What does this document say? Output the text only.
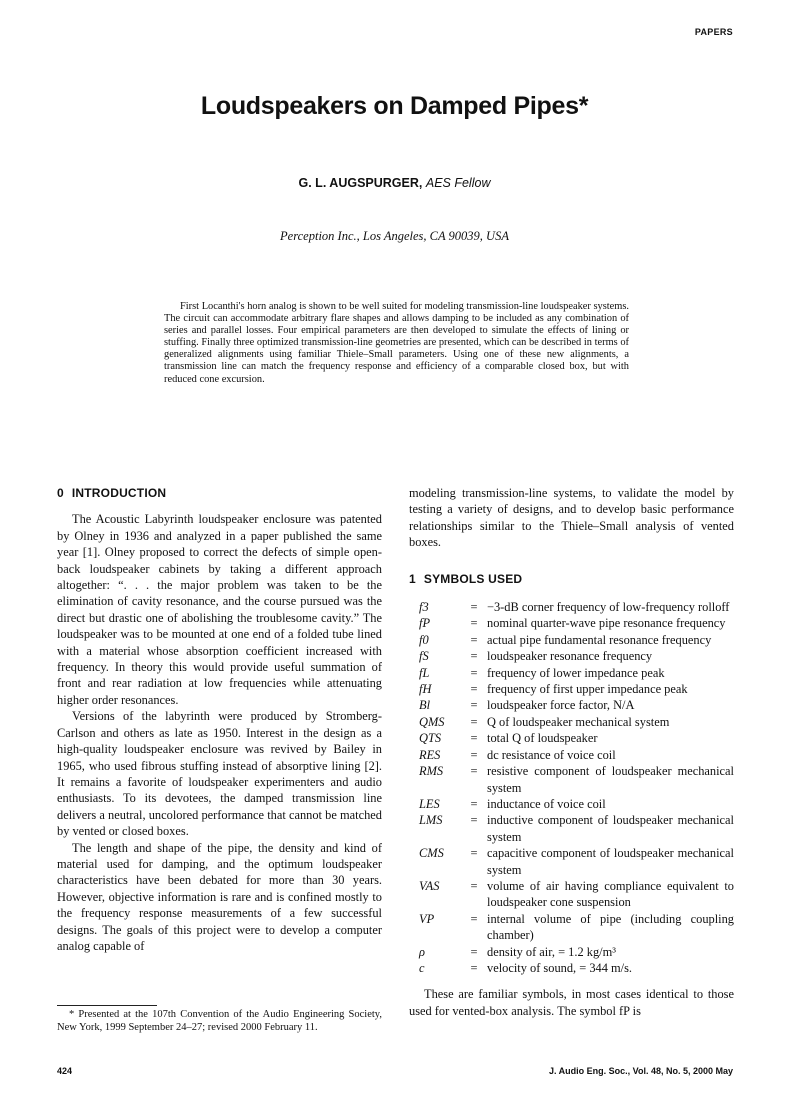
PAPERS
Loudspeakers on Damped Pipes*
G. L. AUGSPURGER, AES Fellow
Perception Inc., Los Angeles, CA 90039, USA

First Locanthi's horn analog is shown to be well suited for modeling transmission-line loudspeaker systems. The circuit can accommodate arbitrary flare shapes and allows damping to be included as any combination of series and parallel losses. Four empirical parameters are then developed to simulate the effects of lining or stuffing. Finally three optimized transmission-line geometries are presented, which can be described in terms of generalized alignments using familiar Thiele–Small parameters. Using one of these new alignments, a transmission line can match the frequency response and efficiency of a comparable closed box, but with reduced cone excursion.

0 INTRODUCTION

The Acoustic Labyrinth loudspeaker enclosure was patented by Olney in 1936 and analyzed in a paper published the same year [1]. Olney proposed to correct the defects of simple open-back loudspeaker cabinets by taking a different approach altogether: “. . . the major problem was taken to be the elimination of cavity resonance, and the course pursued was the direct but drastic one of abolishing the troublesome cavity.” The loudspeaker was to be mounted at one end of a folded tube lined with a material whose absorption coefficient increased with frequency. In theory this would provide useful summation of front and rear radiation at low frequencies while attenuating higher order resonances.

Versions of the labyrinth were produced by Stromberg-Carlson and others as late as 1950. Interest in the design as a high-quality loudspeaker enclosure was revived by Bailey in 1965, who used fibrous stuffing instead of absorptive lining [2]. It remains a favorite of loudspeaker experimenters and audio enthusiasts. To its devotees, the damped transmission line delivers a neutral, uncolored performance that cannot be matched by vented or closed boxes.

The length and shape of the pipe, the density and kind of material used for damping, and the optimum loudspeaker characteristics have been debated for more than 30 years. However, objective information is rare and is confined mostly to the frequency response measurements of a few successful designs. The goals of this project were to develop a computer analog capable of

modeling transmission-line systems, to validate the model by testing a variety of designs, and to develop basic performance relationships similar to the Thiele–Small analysis of vented boxes.

1 SYMBOLS USED
f3	=	−3-dB corner frequency of low-frequency rolloff
fP	=	nominal quarter-wave pipe resonance frequency
f0	=	actual pipe fundamental resonance frequency
fS	=	loudspeaker resonance frequency
fL	=	frequency of lower impedance peak
fH	=	frequency of first upper impedance peak
Bl	=	loudspeaker force factor, N/A
QMS	=	Q of loudspeaker mechanical system
QTS	=	total Q of loudspeaker
RES	=	dc resistance of voice coil
RMS	=	resistive component of loudspeaker mechanical system
LES	=	inductance of voice coil
LMS	=	inductive component of loudspeaker mechanical system
CMS	=	capacitive component of loudspeaker mechanical system
VAS	=	volume of air having compliance equivalent to loudspeaker cone suspension
VP	=	internal volume of pipe (including coupling chamber)
ρ	=	density of air, = 1.2 kg/m³
c	=	velocity of sound, = 344 m/s.

These are familiar symbols, in most cases identical to those used for vented-box analysis. The symbol fP is

* Presented at the 107th Convention of the Audio Engineering Society, New York, 1999 September 24–27; revised 2000 February 11.

424	J. Audio Eng. Soc., Vol. 48, No. 5, 2000 May
